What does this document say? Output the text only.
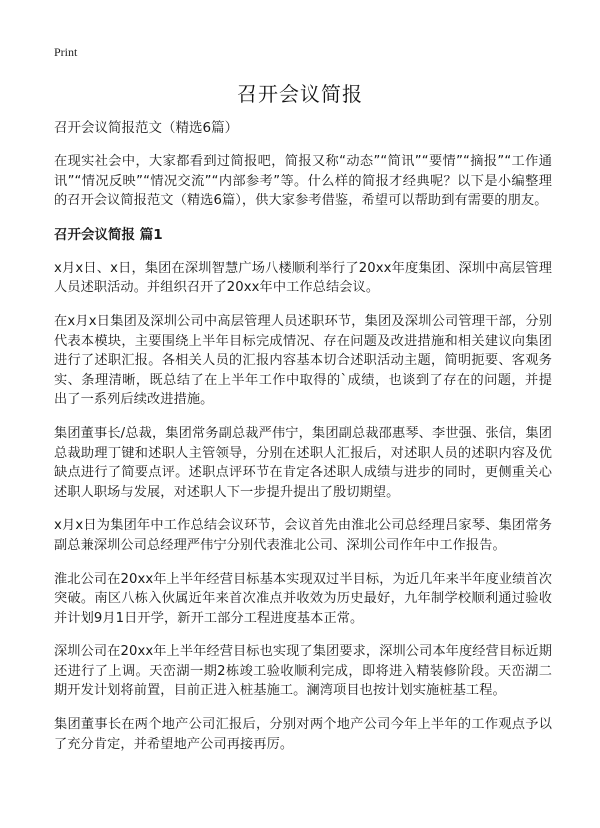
Print
召开会议简报
召开会议简报范文（精选6篇）

在现实社会中，大家都看到过简报吧，简报又称“动态”“简讯”“要情”“摘报”“工作通讯”“情况反映”“情况交流”“内部参考”等。什么样的简报才经典呢？以下是小编整理的召开会议简报范文（精选6篇），供大家参考借鉴，希望可以帮助到有需要的朋友。

召开会议简报 篇1

x月x日、x日，集团在深圳智慧广场八楼顺利举行了20xx年度集团、深圳中高层管理人员述职活动。并组织召开了20xx年中工作总结会议。

在x月x日集团及深圳公司中高层管理人员述职环节，集团及深圳公司管理干部，分别代表本模块，主要围绕上半年目标完成情况、存在问题及改进措施和相关建议向集团进行了述职汇报。各相关人员的汇报内容基本切合述职活动主题，简明扼要、客观务实、条理清晰，既总结了在上半年工作中取得的`成绩，也谈到了存在的问题，并提出了一系列后续改进措施。

集团董事长/总裁，集团常务副总裁严伟宁，集团副总裁邵惠琴、李世强、张信，集团总裁助理丁键和述职人主管领导，分别在述职人汇报后，对述职人员的述职内容及优缺点进行了简要点评。述职点评环节在肯定各述职人成绩与进步的同时，更侧重关心述职人职场与发展，对述职人下一步提升提出了殷切期望。

x月x日为集团年中工作总结会议环节，会议首先由淮北公司总经理吕家琴、集团常务副总兼深圳公司总经理严伟宁分别代表淮北公司、深圳公司作年中工作报告。

淮北公司在20xx年上半年经营目标基本实现双过半目标，为近几年来半年度业绩首次突破。南区八栋入伙属近年来首次准点并收效为历史最好，九年制学校顺利通过验收并计划9月1日开学，新开工部分工程进度基本正常。

深圳公司在20xx年上半年经营目标也实现了集团要求，深圳公司本年度经营目标近期还进行了上调。天峦湖一期2栋竣工验收顺利完成，即将进入精装修阶段。天峦湖二期开发计划将前置，目前正进入桩基施工。澜湾项目也按计划实施桩基工程。

集团董事长在两个地产公司汇报后，分别对两个地产公司今年上半年的工作观点予以了充分肯定，并希望地产公司再接再厉。
